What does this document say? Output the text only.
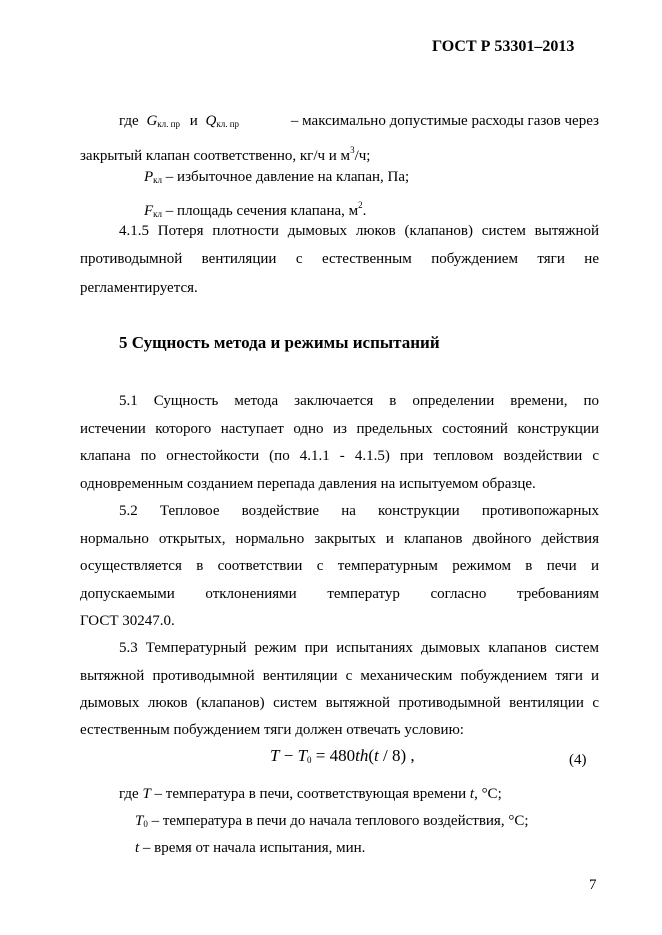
ГОСТ Р 53301–2013
где $G_{кл. пр}$ и $Q_{кл. пр}$	– максимально допустимые расходы газов через
закрытый клапан соответственно, кг/ч и $м^3/ч$;
$P_{кл}$ – избыточное давление на клапан, Па;
$F_{кл}$ – площадь сечения клапана, $м^2$.
4.1.5 Потеря плотности дымовых люков (клапанов) систем вытяжной
противодымной вентиляции с естественным побуждением тяги не
регламентируется.
5 Сущность метода и режимы испытаний
5.1 Сущность метода заключается в определении времени, по
истечении которого наступает одно из предельных состояний конструкции
клапана по огнестойкости (по 4.1.1 - 4.1.5) при тепловом воздействии с
одновременным созданием перепада давления на испытуемом образце.
5.2 Тепловое воздействие на конструкции противопожарных
нормально открытых, нормально закрытых и клапанов двойного действия
осуществляется в соответствии с температурным режимом в печи и
допускаемыми отклонениями температур согласно требованиям
ГОСТ 30247.0.
5.3 Температурный режим при испытаниях дымовых клапанов систем
вытяжной противодымной вентиляции с механическим побуждением тяги и
дымовых люков (клапанов) систем вытяжной противодымной вентиляции с
естественным побуждением тяги должен отвечать условию:
$T - T_0 = 480th(t / 8)$ ,	(4)
где T – температура в печи, соответствующая времени t, °С;
$T_0$ – температура в печи до начала теплового воздействия, °С;
t – время от начала испытания, мин.
7
